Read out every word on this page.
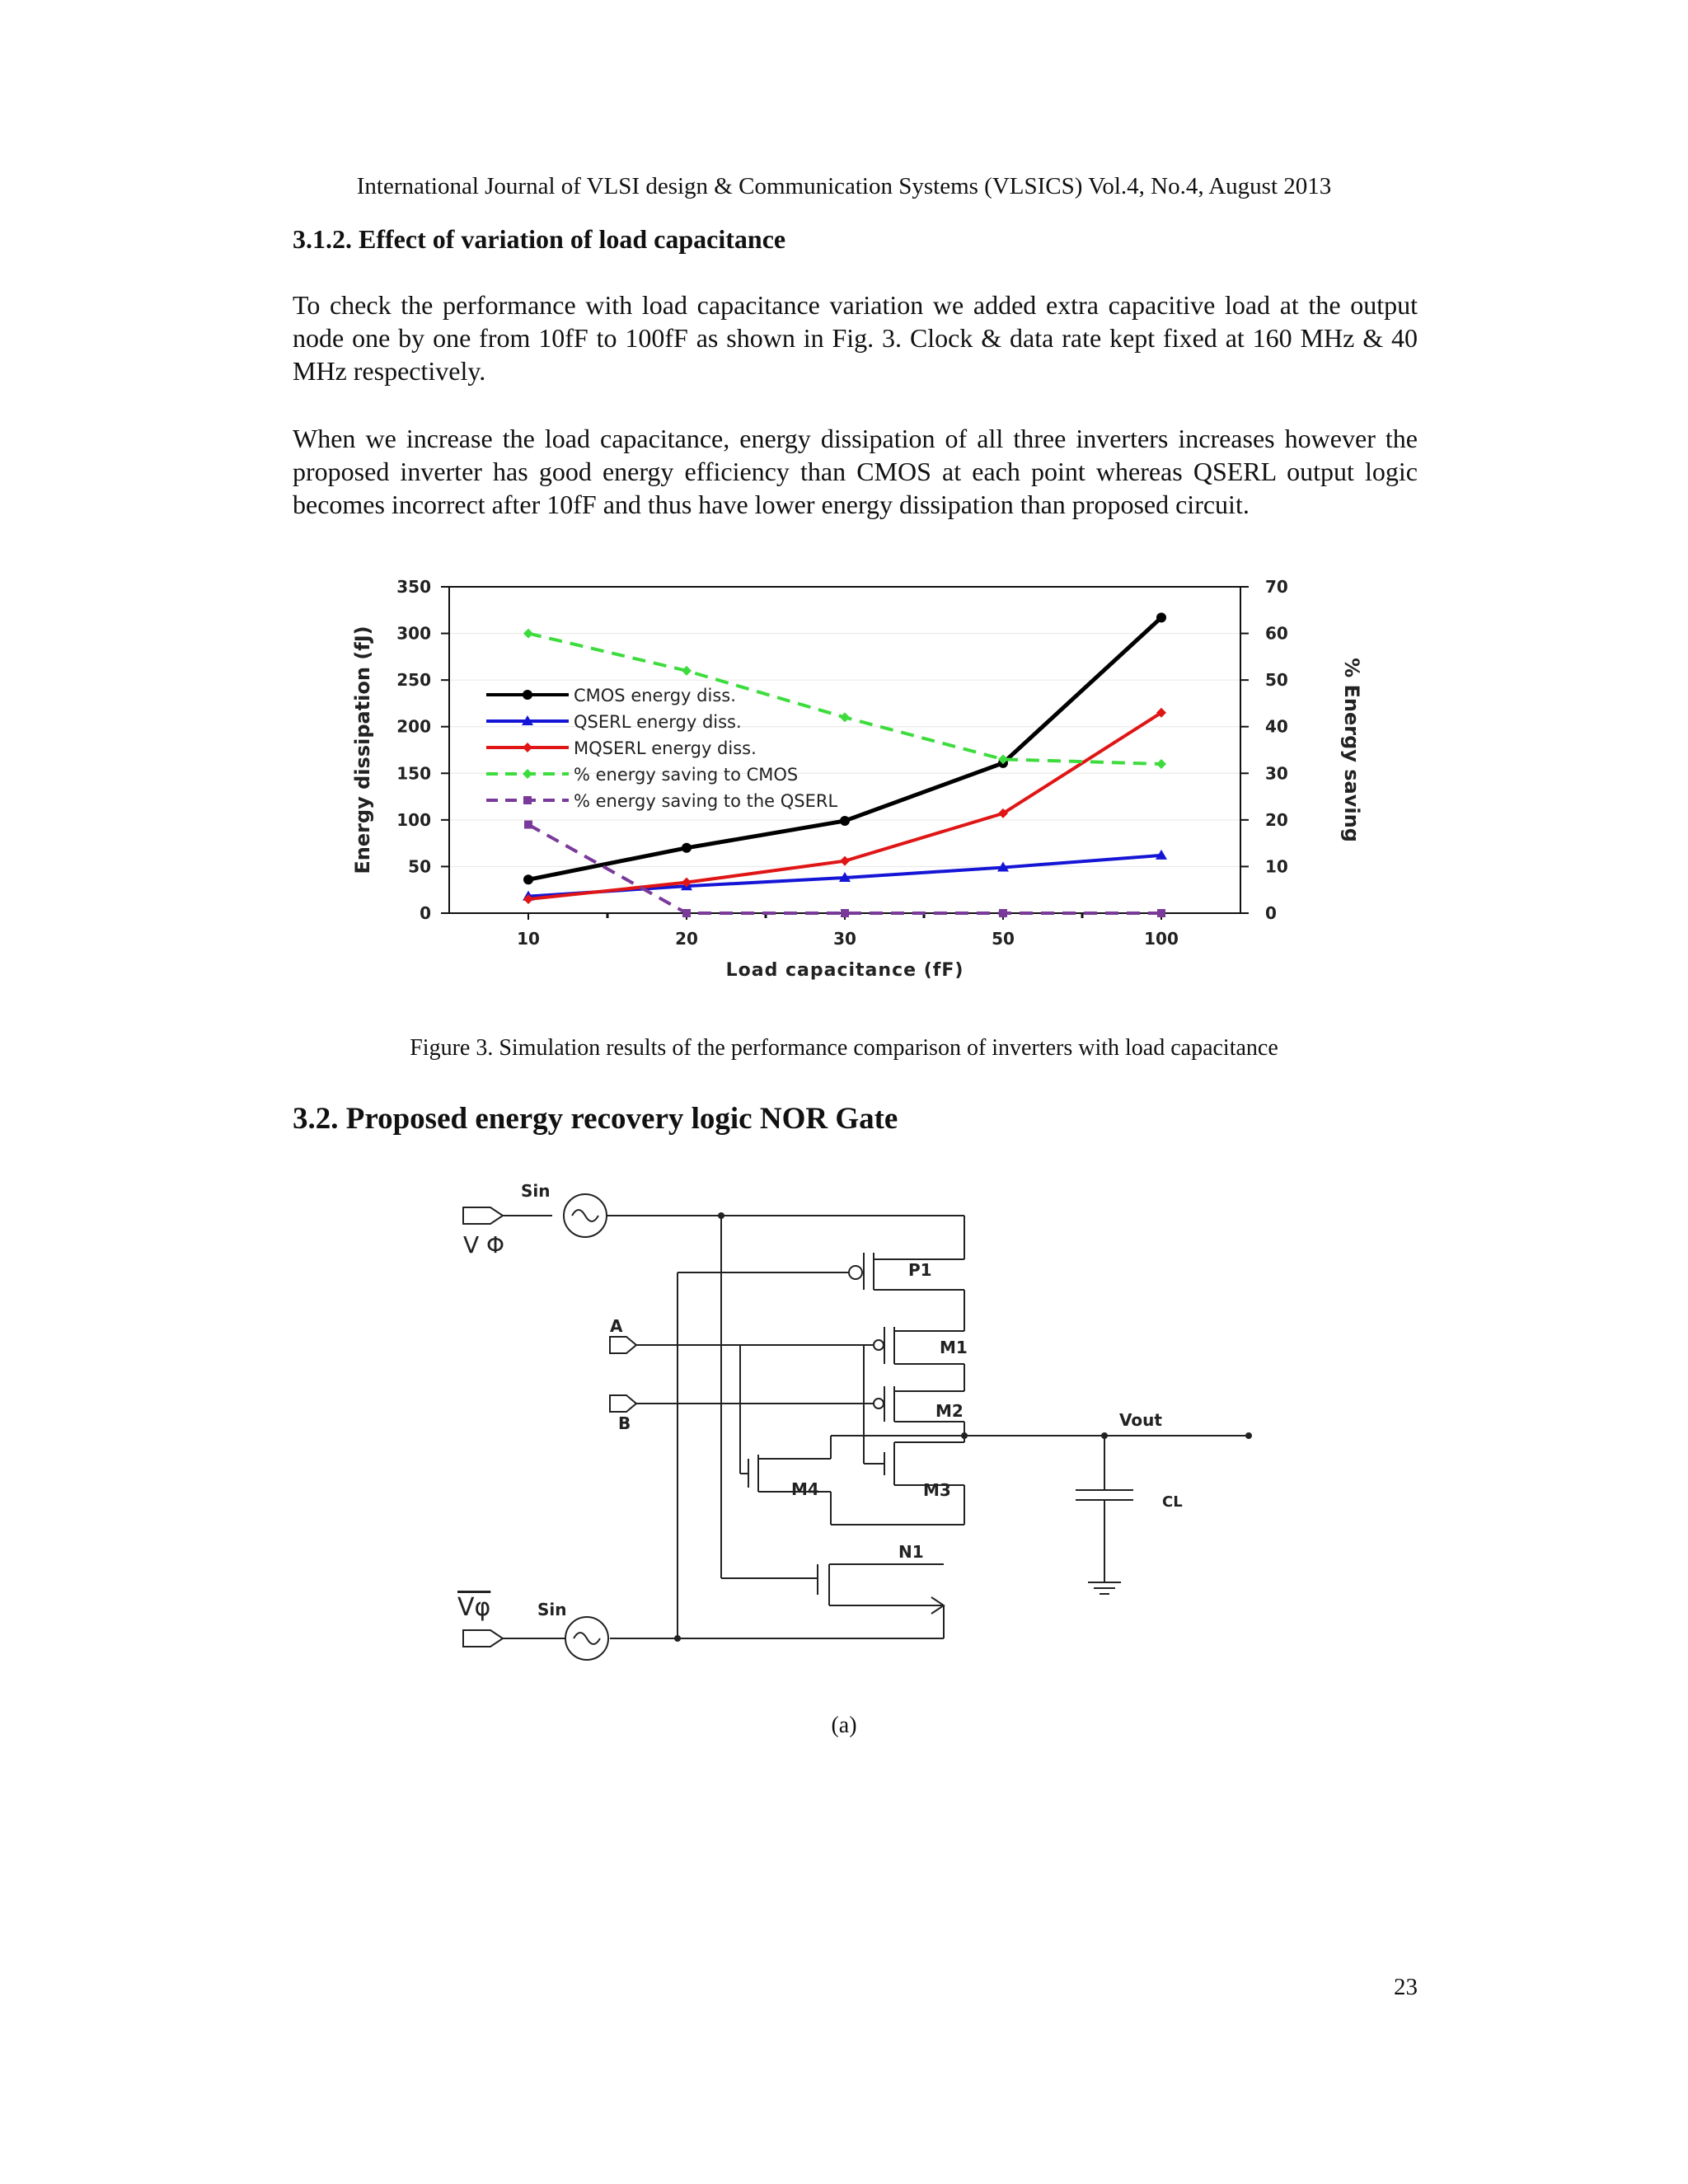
International Journal of VLSI design & Communication Systems (VLSICS) Vol.4, No.4, August 2013
3.1.2. Effect of variation of load capacitance
To check the performance with load capacitance variation we added extra capacitive load at the output node one by one from 10fF to 100fF as shown in Fig. 3. Clock & data rate kept fixed at 160 MHz & 40 MHz respectively.
When we increase the load capacitance, energy dissipation of all three inverters increases however the proposed inverter has good energy efficiency than CMOS at each point whereas QSERL output logic becomes incorrect after 10fF and thus have lower energy dissipation than proposed circuit.
0
50
100
150
200
250
300
350
0
10
20
30
40
50
60
70
10	20	30	50	100
Load capacitance (fF)
Energy dissipation (fJ)	% Energy saving
CMOS energy diss.
QSERL energy diss.
MQSERL energy diss.
% energy saving to CMOS
% energy saving to the QSERL
Figure 3. Simulation results of the performance comparison of inverters with load capacitance
3.2. Proposed energy recovery logic NOR Gate
Sin
V Φ
Vφ	Sin
A
B
P1
M1
M2
M3
M4
N1
Vout
CL
(a)
23
